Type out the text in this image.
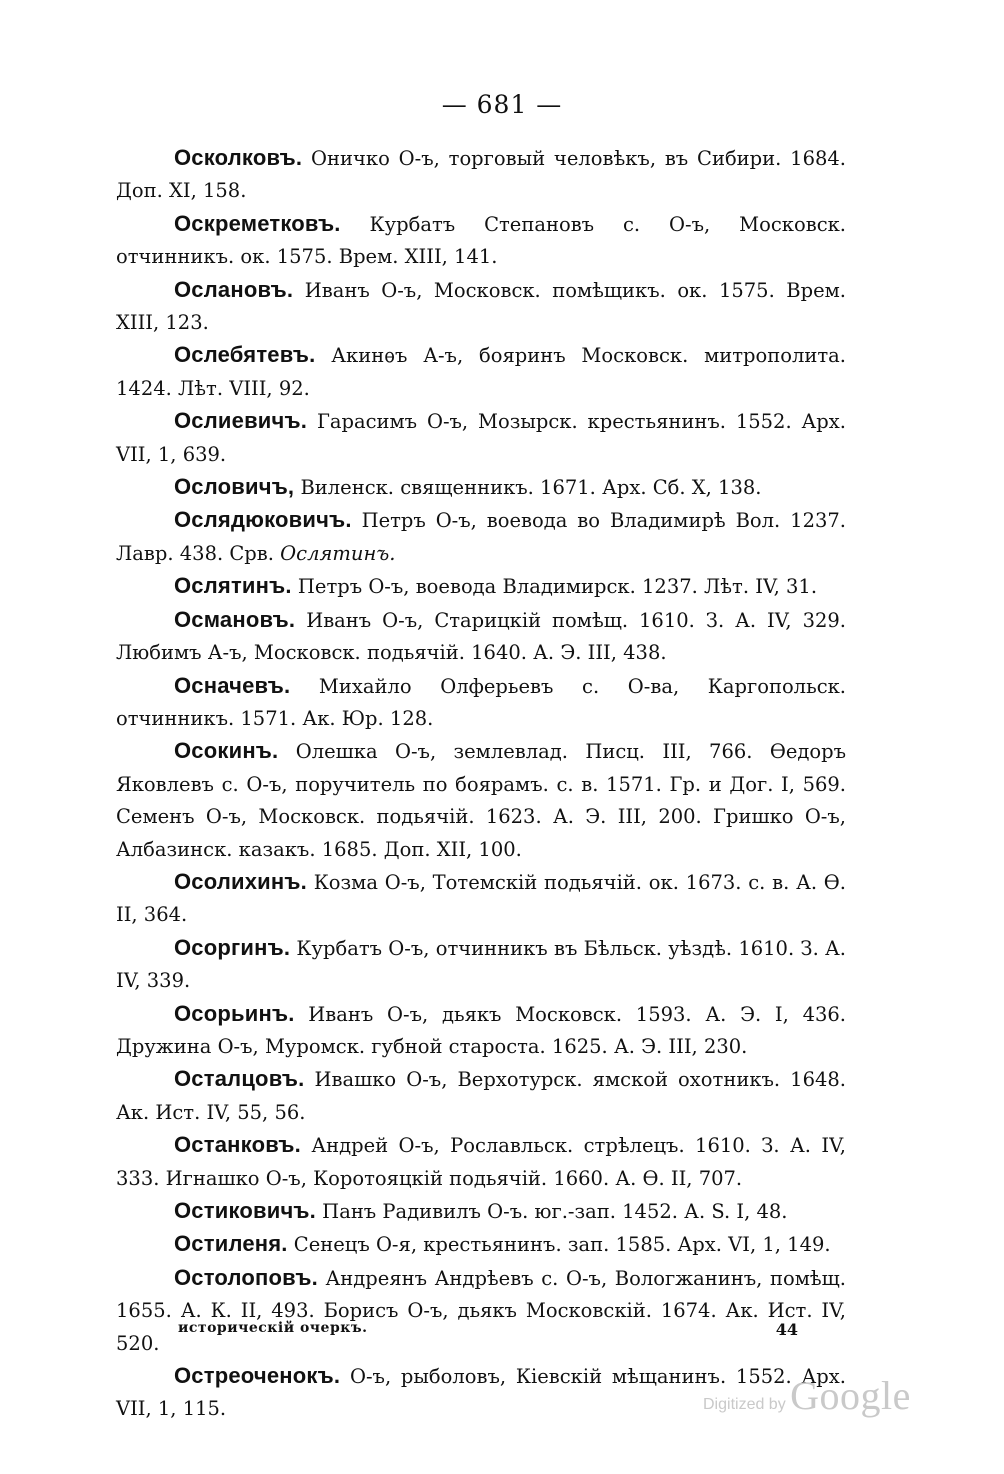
— 681 —

Осколковъ. Оничко О-ъ, торговый человѣкъ, въ Сибири. 1684. Доп. XI, 158.

Оскреметковъ. Курбатъ Степановъ с. О-ъ, Московск. отчинникъ. ок. 1575. Врем. XIII, 141.

Ослановъ. Иванъ О-ъ, Московск. помѣщикъ. ок. 1575. Врем. XIII, 123.

Ослебятевъ. Акинѳъ А-ъ, бояринъ Московск. митрополита. 1424. Лѣт. VIII, 92.

Ослиевичъ. Гарасимъ О-ъ, Мозырск. крестьянинъ. 1552. Арх. VII, 1, 639.

Ословичъ, Виленск. священникъ. 1671. Арх. Сб. X, 138.

Ослядюковичъ. Петръ О-ъ, воевода во Владимирѣ Вол. 1237. Лавр. 438. Срв. Ослятинъ.

Ослятинъ. Петръ О-ъ, воевода Владимирск. 1237. Лѣт. IV, 31.

Османовъ. Иванъ О-ъ, Старицкій помѣщ. 1610. З. А. IV, 329. Любимъ А-ъ, Московск. подьячій. 1640. А. Э. III, 438.

Осначевъ. Михайло Олферьевъ с. О-ва, Каргопольск. отчинникъ. 1571. Ак. Юр. 128.

Осокинъ. Олешка О-ъ, землевлад. Писц. III, 766. Ѳедоръ Яковлевъ с. О-ъ, поручитель по боярамъ. с. в. 1571. Гр. и Дог. I, 569. Семенъ О-ъ, Московск. подьячій. 1623. А. Э. III, 200. Гришко О-ъ, Албазинск. казакъ. 1685. Доп. XII, 100.

Осолихинъ. Козма О-ъ, Тотемскій подьячій. ок. 1673. с. в. А. Ѳ. II, 364.

Осоргинъ. Курбатъ О-ъ, отчинникъ въ Бѣльск. уѣздѣ. 1610. З. А. IV, 339.

Осорьинъ. Иванъ О-ъ, дьякъ Московск. 1593. А. Э. I, 436. Дружина О-ъ, Муромск. губной староста. 1625. А. Э. III, 230.

Осталцовъ. Ивашко О-ъ, Верхотурск. ямской охотникъ. 1648. Ак. Ист. IV, 55, 56.

Останковъ. Андрей О-ъ, Рославльск. стрѣлецъ. 1610. З. А. IV, 333. Игнашко О-ъ, Коротояцкій подьячій. 1660. А. Ѳ. II, 707.

Остиковичъ. Панъ Радивилъ О-ъ. юг.-зап. 1452. А. S. I, 48.

Остиленя. Сенецъ О-я, крестьянинъ. зап. 1585. Арх. VI, 1, 149.

Остолоповъ. Андреянъ Андрѣевъ с. О-ъ, Вологжанинъ, помѣщ. 1655. А. К. II, 493. Борисъ О-ъ, дьякъ Московскій. 1674. Ак. Ист. IV, 520.

Остреоченокъ. О-ъ, рыболовъ, Кіевскій мѣщанинъ. 1552. Арх. VII, 1, 115.

историческій очеркъ.	44
Digitized by Google
